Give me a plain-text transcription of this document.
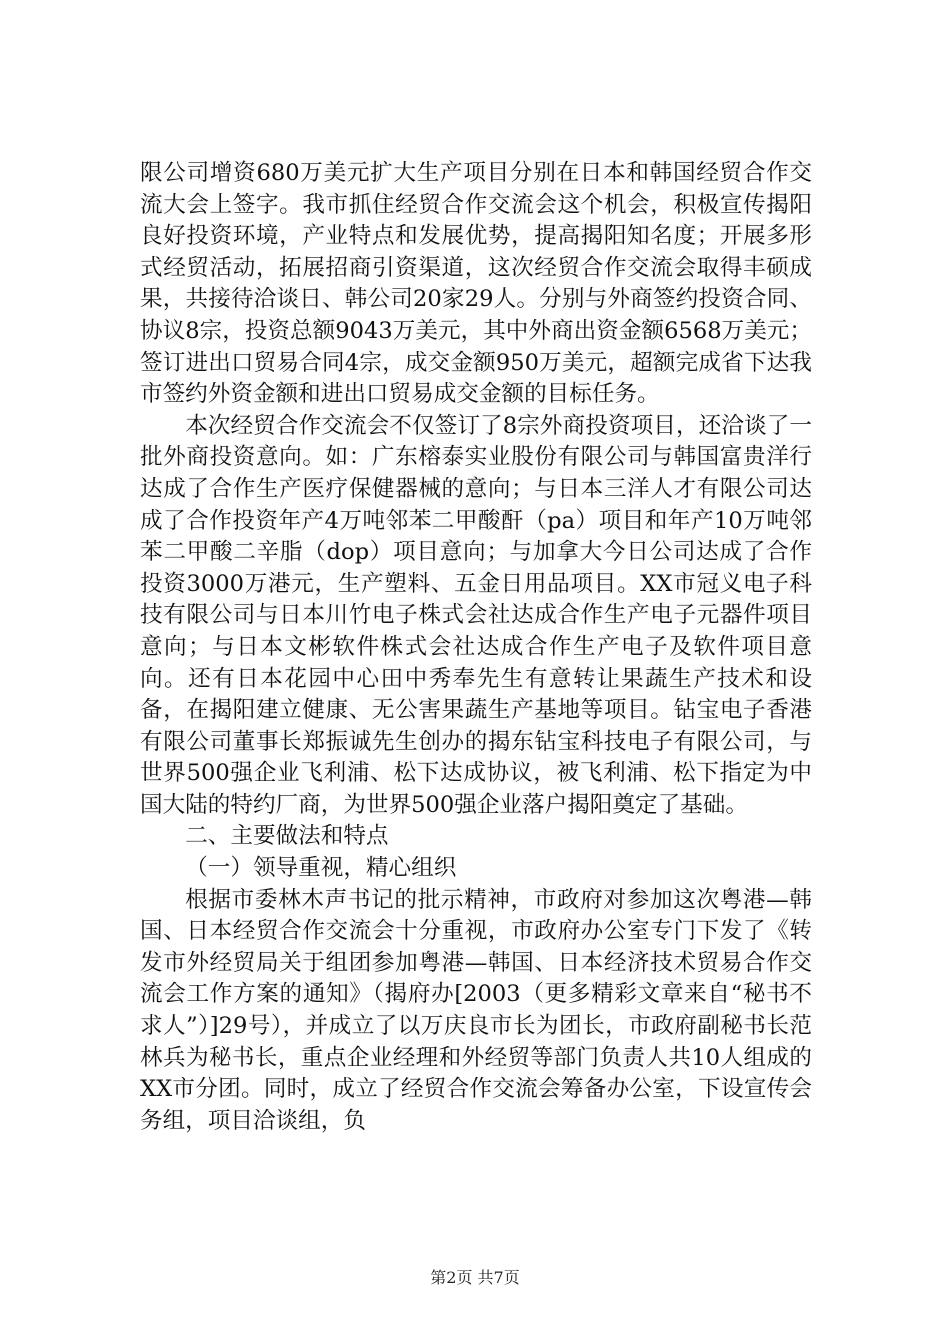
限公司增资680万美元扩大生产项目分别在日本和韩国经贸合作交流大会上签字。我市抓住经贸合作交流会这个机会，积极宣传揭阳良好投资环境，产业特点和发展优势，提高揭阳知名度；开展多形式经贸活动，拓展招商引资渠道，这次经贸合作交流会取得丰硕成果，共接待洽谈日、韩公司20家29人。分别与外商签约投资合同、协议8宗，投资总额9043万美元，其中外商出资金额6568万美元；签订进出口贸易合同4宗，成交金额950万美元，超额完成省下达我市签约外资金额和进出口贸易成交金额的目标任务。

本次经贸合作交流会不仅签订了8宗外商投资项目，还洽谈了一批外商投资意向。如：广东榕泰实业股份有限公司与韩国富贵洋行达成了合作生产医疗保健器械的意向；与日本三洋人才有限公司达成了合作投资年产4万吨邻苯二甲酸酐（pa）项目和年产10万吨邻苯二甲酸二辛脂（dop）项目意向；与加拿大今日公司达成了合作投资3000万港元，生产塑料、五金日用品项目。XX市冠义电子科技有限公司与日本川竹电子株式会社达成合作生产电子元器件项目意向；与日本文彬软件株式会社达成合作生产电子及软件项目意向。还有日本花园中心田中秀奉先生有意转让果蔬生产技术和设备，在揭阳建立健康、无公害果蔬生产基地等项目。钻宝电子香港有限公司董事长郑振诚先生创办的揭东钻宝科技电子有限公司，与世界500强企业飞利浦、松下达成协议，被飞利浦、松下指定为中国大陆的特约厂商，为世界500强企业落户揭阳奠定了基础。

二、主要做法和特点

（一）领导重视，精心组织

根据市委林木声书记的批示精神，市政府对参加这次粤港—韩国、日本经贸合作交流会十分重视，市政府办公室专门下发了《转发市外经贸局关于组团参加粤港—韩国、日本经济技术贸易合作交流会工作方案的通知》（揭府办[2003（更多精彩文章来自“秘书不求人”）]29号），并成立了以万庆良市长为团长，市政府副秘书长范林兵为秘书长，重点企业经理和外经贸等部门负责人共10人组成的XX市分团。同时，成立了经贸合作交流会筹备办公室，下设宣传会务组，项目洽谈组，负

第2页 共7页
